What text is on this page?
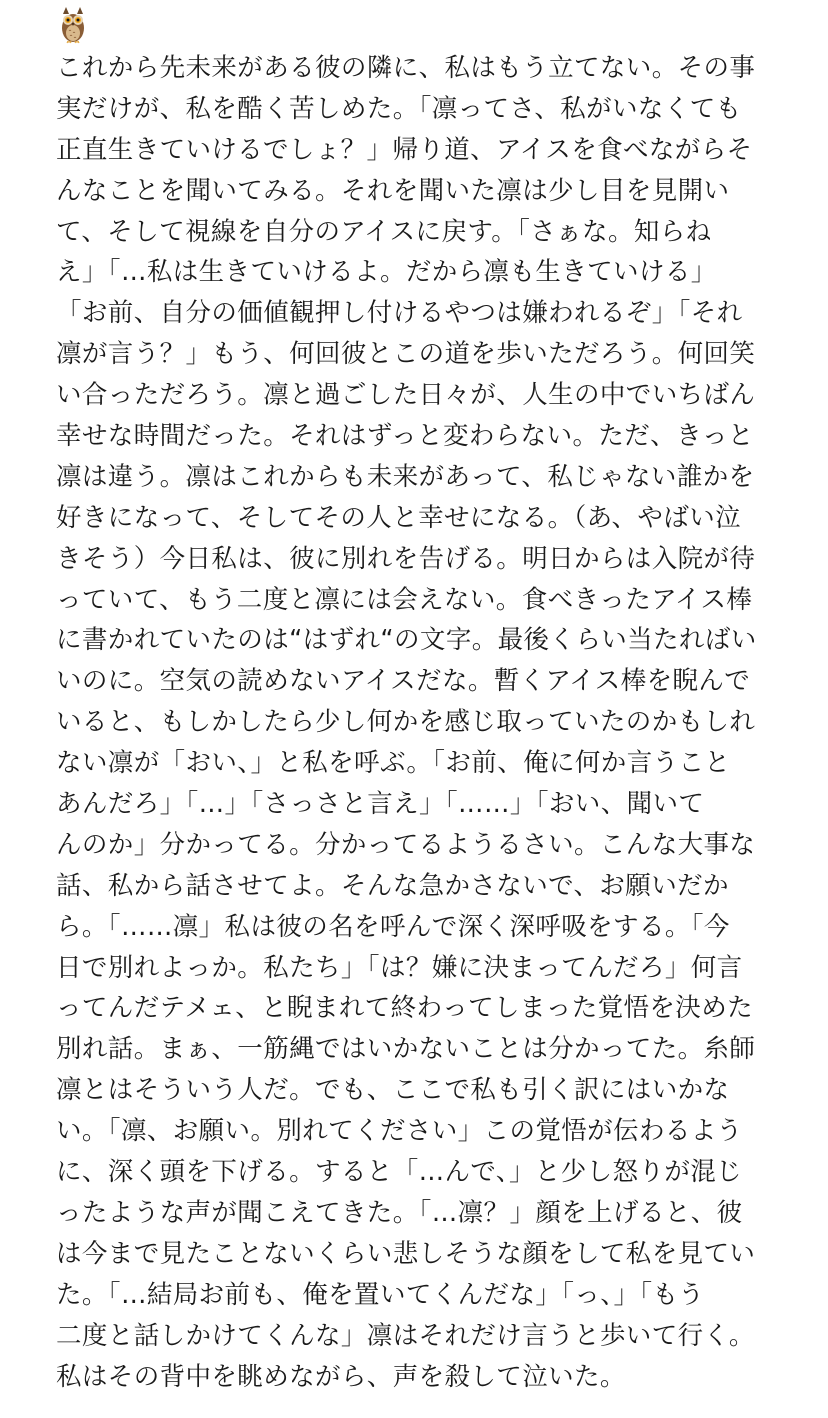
これから先未来がある彼の隣に、私はもう立てない。その事
実だけが、私を酷く苦しめた。「凛ってさ、私がいなくても
正直生きていけるでしょ？」帰り道、アイスを食べながらそ
んなことを聞いてみる。それを聞いた凛は少し目を見開い
て、そして視線を自分のアイスに戻す。「さぁな。知らね
え」「…私は生きていけるよ。だから凛も生きていける」
「お前、自分の価値観押し付けるやつは嫌われるぞ」「それ
凛が言う？」もう、何回彼とこの道を歩いただろう。何回笑
い合っただろう。凛と過ごした日々が、人生の中でいちばん
幸せな時間だった。それはずっと変わらない。ただ、きっと
凛は違う。凛はこれからも未来があって、私じゃない誰かを
好きになって、そしてその人と幸せになる。（あ、やばい泣
きそう）今日私は、彼に別れを告げる。明日からは入院が待
っていて、もう二度と凛には会えない。食べきったアイス棒
に書かれていたのは“はずれ“の文字。最後くらい当たればい
いのに。空気の読めないアイスだな。暫くアイス棒を睨んで
いると、もしかしたら少し何かを感じ取っていたのかもしれ
ない凛が「おい、」と私を呼ぶ。「お前、俺に何か言うこと
あんだろ」「…」「さっさと言え」「……」「おい、聞いて
んのか」分かってる。分かってるようるさい。こんな大事な
話、私から話させてよ。そんな急かさないで、お願いだか
ら。「……凛」私は彼の名を呼んで深く深呼吸をする。「今
日で別れよっか。私たち」「は？嫌に決まってんだろ」何言
ってんだテメェ、と睨まれて終わってしまった覚悟を決めた
別れ話。まぁ、一筋縄ではいかないことは分かってた。糸師
凛とはそういう人だ。でも、ここで私も引く訳にはいかな
い。「凛、お願い。別れてください」この覚悟が伝わるよう
に、深く頭を下げる。すると「…んで、」と少し怒りが混じ
ったような声が聞こえてきた。「…凛？」顔を上げると、彼
は今まで見たことないくらい悲しそうな顔をして私を見てい
た。「…結局お前も、俺を置いてくんだな」「っ、」「もう
二度と話しかけてくんな」凛はそれだけ言うと歩いて行く。
私はその背中を眺めながら、声を殺して泣いた。
